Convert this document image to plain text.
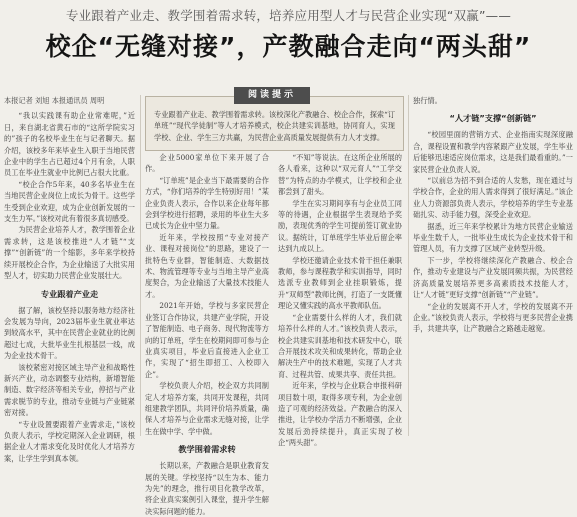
专业跟着产业走、教学围着需求转，培养应用型人才与民营企业实现“双赢”——
校企“无缝对接”，产教融合走向“两头甜”

本报记者 刘旭 本报通讯员 周明

“我以实践课有助企业常难呢，”近日，来自湖北省黄石市的“这所学院实习的”孩子的名校毕业生在与记者聊天。据介绍，该校多年来毕业生入职于当地民营企业中的学生占已超过4个月有余，人职员工在毕业生就业中比例已占很大比重。

“校企合作5年来，40多名毕业生在当地民营企业岗位上成长为骨干。这些学生受到企业欢迎，成为企业创新发展的一支生力军。”该校对此有着很多真切感受。

为民营企业培养人才，教学围着企业需求转，这是该校推进“人才链”“支撑”“创新链”的一个缩影，多年来学校持续开展校企合作，为企业输送了大批实用型人才，切实助力民营企业发展壮大。

专业跟着产业走

据了解，该校坚持以服务地方经济社会发展为导向，2023届毕业生就业率达到较高水平，其中在民营企业就业的比例超过七成，大批毕业生扎根基层一线，成为企业技术骨干。

该校紧密对接区域主导产业和战略性新兴产业，动态调整专业结构，新增智能制造、数字经济等相关专业，停招与产业需求脱节的专业，推动专业链与产业链紧密对接。

“专业设置要跟着产业需求走，”该校负责人表示，学校定期深入企业调研，根据企业人才需求变化及时优化人才培养方案，让学生学到真本领。

阅读提示
专业跟着产业走、教学围着需求转。该校深化产教融合、校企合作，探索“订单班”“现代学徒制”等人才培养模式，校企共建实训基地，协同育人，实现学校、企业、学生三方共赢，为民营企业高质量发展提供有力人才支撑。

企业5000家单位下来开展了合作。

“订单班”是企业当下最需要的合作方式，“你们培养的学生特别好用！”某企业负责人表示，合作以来企业每年都会到学校进行招聘，录用的毕业生大多已成长为企业中坚力量。

近年来，学校按照“专业对接产业、课程对接岗位”的思路，建设了一批特色专业群，智能制造、大数据技术、物流管理等专业与当地主导产业高度契合，为企业输送了大量技术技能人才。

2021年开始，学校与多家民营企业签订合作协议，共建产业学院，开设了智能制造、电子商务、现代物流等方向的订单班，学生在校期间即可参与企业真实项目，毕业后直接进入企业工作，实现了“招生即招工、入校即入企”。

学校负责人介绍，校企双方共同制定人才培养方案，共同开发课程，共同组建教学团队，共同评价培养质量，确保人才培养与企业需求无缝对接，让学生在做中学、学中做。

教学围着需求转

长期以来，产教融合是职业教育发展的关键。学校坚持“以生为本、能力为先”的理念，推行项目化教学改革，将企业真实案例引入课堂，提升学生解决实际问题的能力。

“不知”等说法。在这所企业所展的各人看来，这种以“双元育人”“工学交替”为特点的办学模式，让学校和企业都尝到了甜头。

学生在实习期间享有与企业员工同等的待遇，企业根据学生表现给予奖励，表现优秀的学生可提前签订就业协议。据统计，订单班学生毕业后留企率达到九成以上。

学校还邀请企业技术骨干担任兼职教师，参与课程教学和实训指导，同时选派专业教师到企业挂职锻炼，提升“双师型”教师比例，打造了一支既懂理论又懂实践的高水平教师队伍。

“企业需要什么样的人才，我们就培养什么样的人才。”该校负责人表示，校企共建实训基地和技术研发中心，联合开展技术攻关和成果转化，帮助企业解决生产中的技术难题，实现了人才共育、过程共管、成果共享、责任共担。

近年来，学校与企业联合申报科研项目数十项，取得多项专利，为企业创造了可观的经济效益。产教融合的深入推进，让学校办学活力不断增强，企业发展后劲持续提升，真正实现了校企“两头甜”。

独行情。

“人才链”支撑“创新链”

“校园里面的营销方式、企业指南实现深度融合，课程设置和教学内容紧跟产业发展，学生毕业后能够迅速适应岗位需求，这是我们最看重的。”一家民营企业负责人说。

“以前总为招不到合适的人发愁，现在通过与学校合作，企业的用人需求得到了很好满足。”该企业人力资源部负责人表示，学校培养的学生专业基础扎实、动手能力强，深受企业欢迎。

据悉，近三年来学校累计为地方民营企业输送毕业生数千人，一批毕业生成长为企业技术骨干和管理人员，有力支撑了区域产业转型升级。

下一步，学校将继续深化产教融合、校企合作，推动专业建设与产业发展同频共振，为民营经济高质量发展培养更多高素质技术技能人才，让“人才链”更好支撑“创新链”“产业链”。

“企业的发展离不开人才，学校的发展离不开企业。”该校负责人表示，学校将与更多民营企业携手，共建共享，让产教融合之路越走越宽。
